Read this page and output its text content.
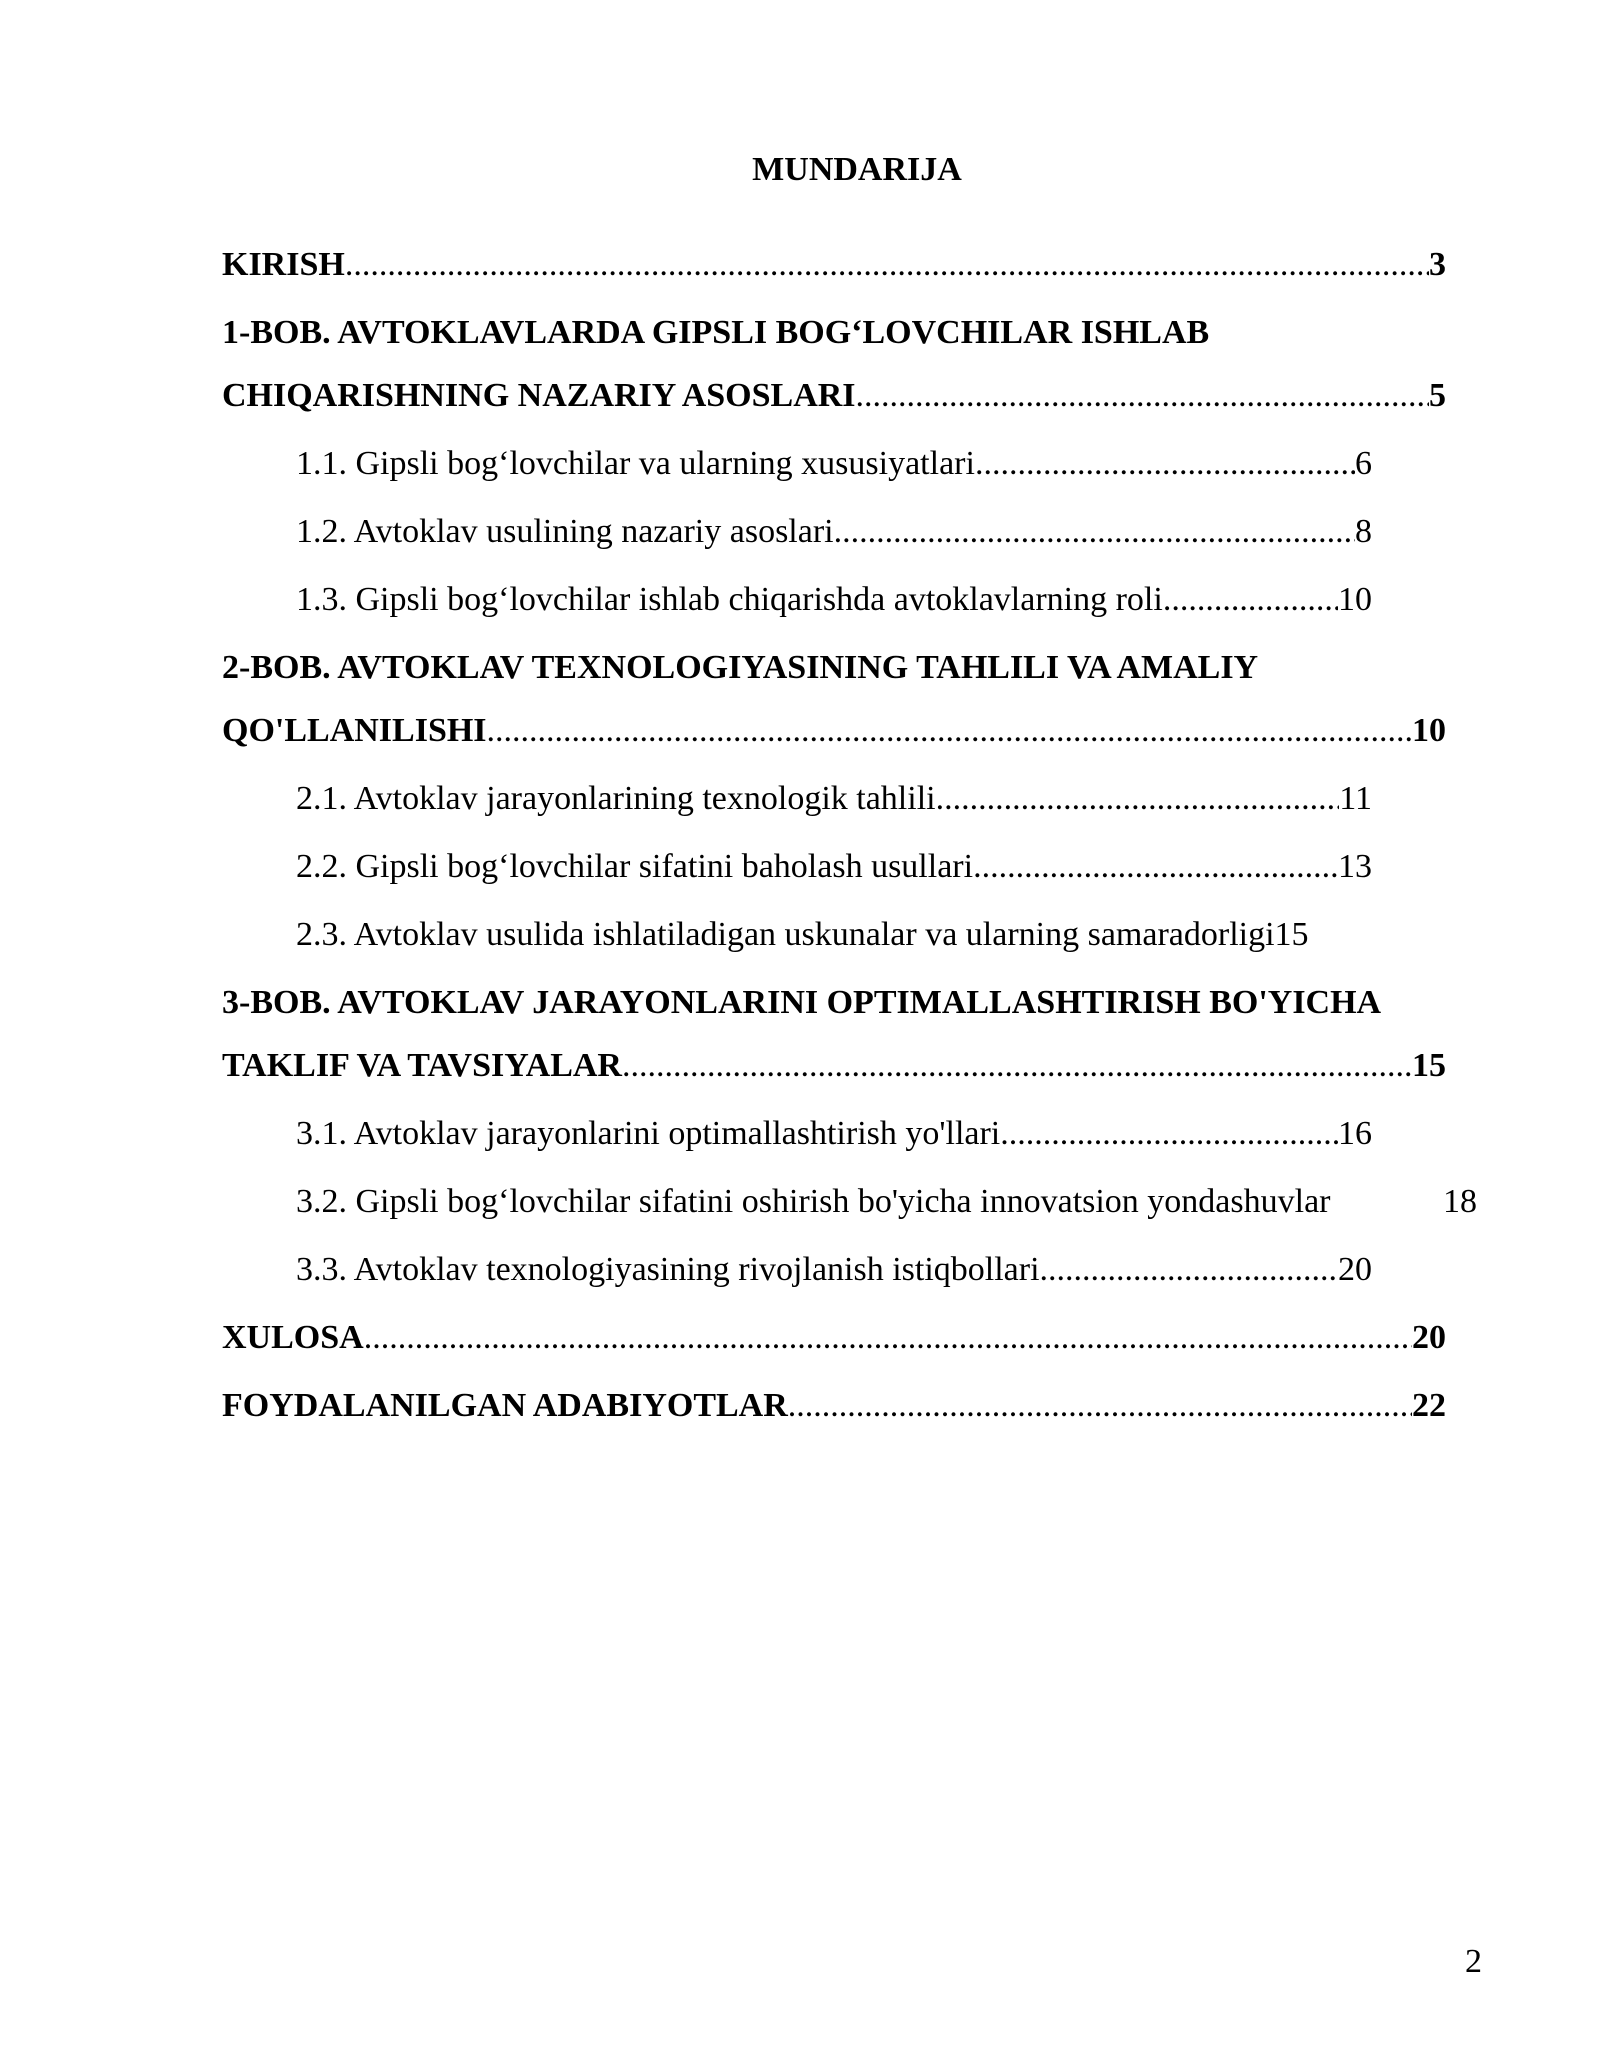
MUNDARIJA
KIRISH .....	3
1-BOB. AVTOKLAVLARDA GIPSLI BOG‘LOVCHILAR ISHLAB
CHIQARISHNING NAZARIY ASOSLARI .....	5
1.1. Gipsli bog‘lovchilar va ularning xususiyatlari .....	6
1.2. Avtoklav usulining nazariy asoslari .....	8
1.3. Gipsli bog‘lovchilar ishlab chiqarishda avtoklavlarning roli .....	10
2-BOB. AVTOKLAV TEXNOLOGIYASINING TAHLILI VA AMALIY
QO'LLANILISHI .....	10
2.1. Avtoklav jarayonlarining texnologik tahlili .....	11
2.2. Gipsli bog‘lovchilar sifatini baholash usullari .....	13
2.3. Avtoklav usulida ishlatiladigan uskunalar va ularning samaradorligi15
3-BOB. AVTOKLAV JARAYONLARINI OPTIMALLASHTIRISH BO'YICHA
TAKLIF VA TAVSIYALAR .....	15
3.1. Avtoklav jarayonlarini optimallashtirish yo'llari .....	16
3.2. Gipsli bog‘lovchilar sifatini oshirish bo'yicha innovatsion yondashuvlar	18
3.3. Avtoklav texnologiyasining rivojlanish istiqbollari .....	20
XULOSA .....	20
FOYDALANILGAN ADABIYOTLAR .....	22
2
